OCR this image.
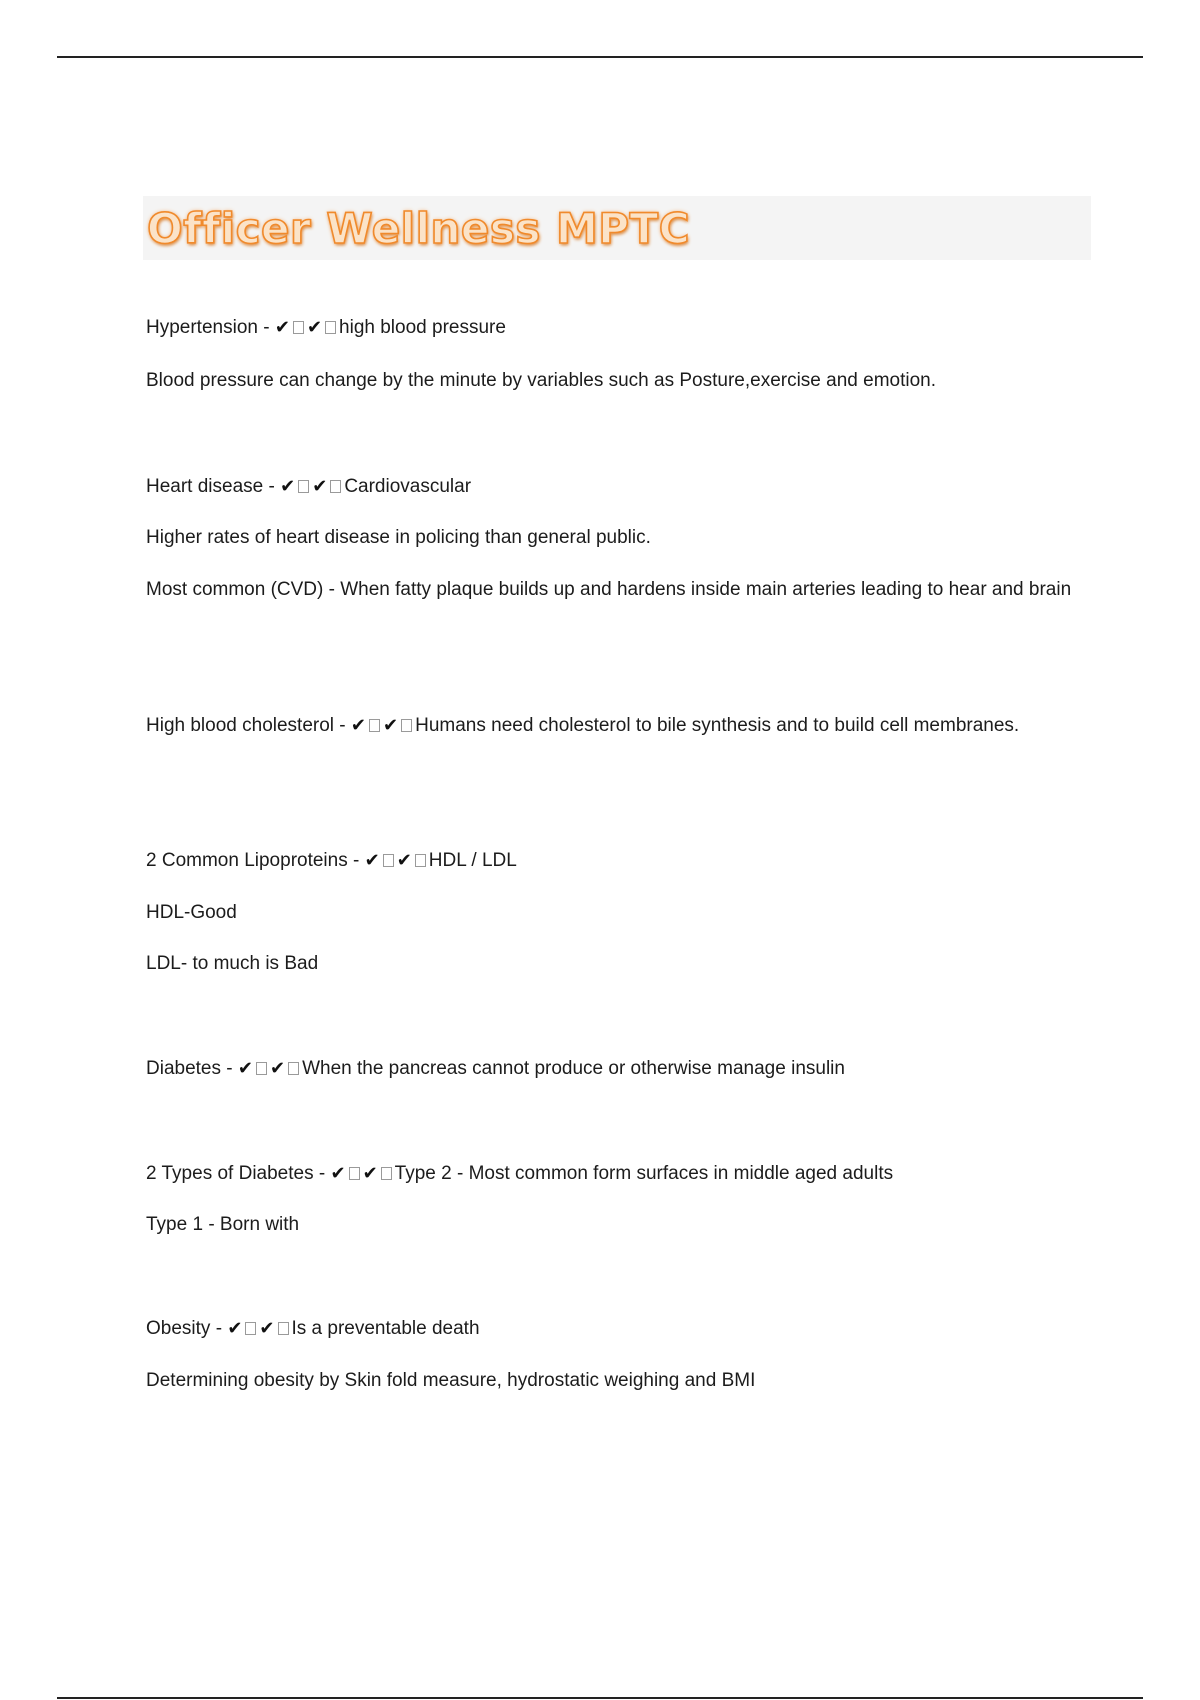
Officer Wellness MPTC

Hypertension - ✔ ✔ high blood pressure

Blood pressure can change by the minute by variables such as Posture,exercise and emotion.

Heart disease - ✔ ✔ Cardiovascular

Higher rates of heart disease in policing than general public.

Most common (CVD) - When fatty plaque builds up and hardens inside main arteries leading to hear and brain

High blood cholesterol - ✔ ✔ Humans need cholesterol to bile synthesis and to build cell membranes.

2 Common Lipoproteins - ✔ ✔ HDL / LDL

HDL-Good

LDL- to much is Bad

Diabetes - ✔ ✔ When the pancreas cannot produce or otherwise manage insulin

2 Types of Diabetes - ✔ ✔ Type 2 - Most common form surfaces in middle aged adults

Type 1 - Born with

Obesity - ✔ ✔ Is a preventable death

Determining obesity by Skin fold measure, hydrostatic weighing and BMI
